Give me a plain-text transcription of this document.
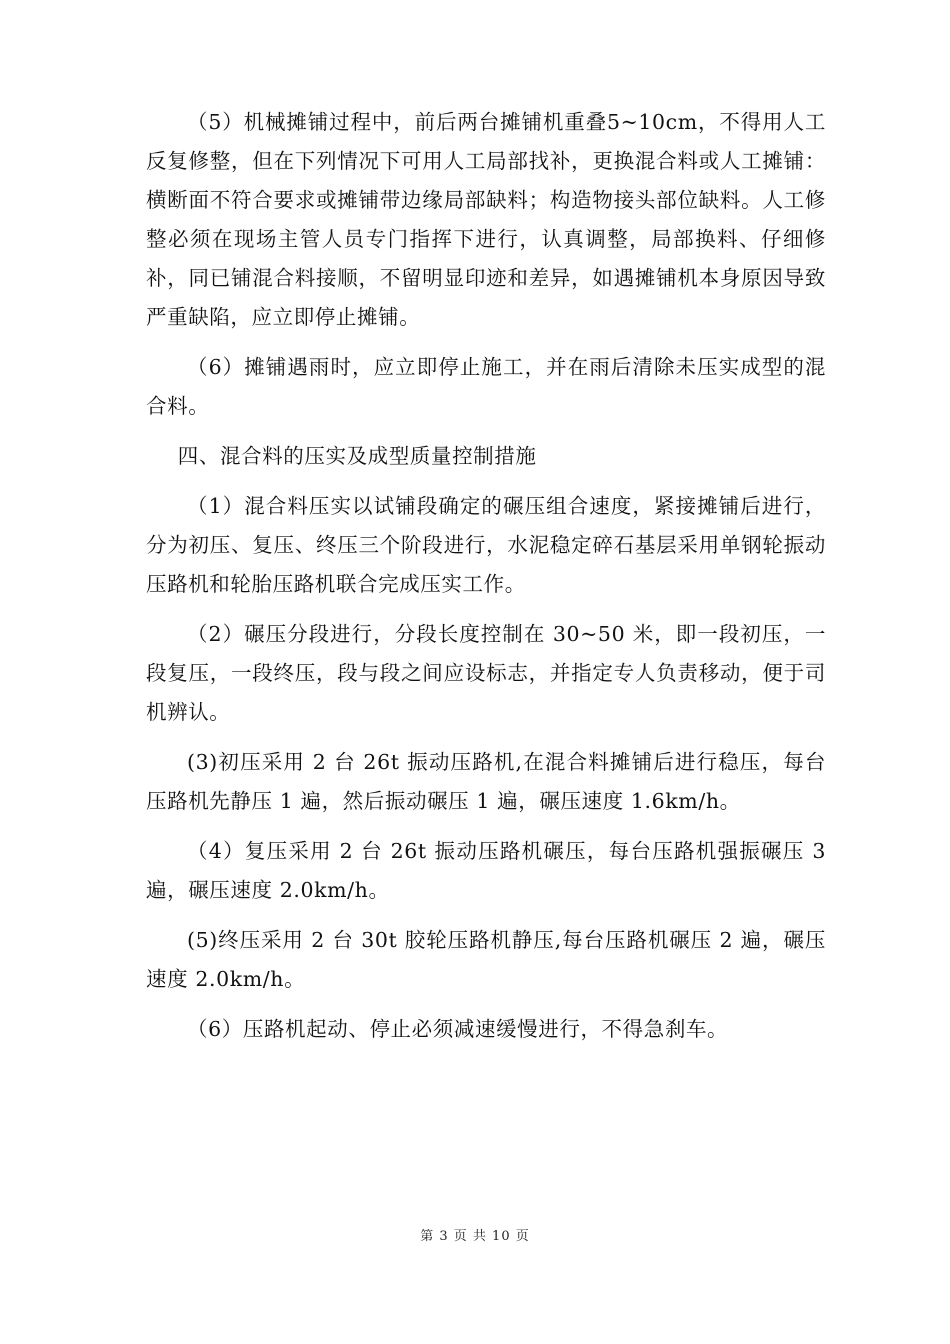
（5）机械摊铺过程中，前后两台摊铺机重叠5~10cm，不得用人工反复修整，但在下列情况下可用人工局部找补，更换混合料或人工摊铺：横断面不符合要求或摊铺带边缘局部缺料；构造物接头部位缺料。人工修整必须在现场主管人员专门指挥下进行，认真调整，局部换料、仔细修补，同已铺混合料接顺，不留明显印迹和差异，如遇摊铺机本身原因导致严重缺陷，应立即停止摊铺。

（6）摊铺遇雨时，应立即停止施工，并在雨后清除未压实成型的混合料。

四、混合料的压实及成型质量控制措施

（1）混合料压实以试铺段确定的碾压组合速度，紧接摊铺后进行，分为初压、复压、终压三个阶段进行，水泥稳定碎石基层采用单钢轮振动压路机和轮胎压路机联合完成压实工作。

（2）碾压分段进行，分段长度控制在 30~50 米，即一段初压，一段复压，一段终压，段与段之间应设标志，并指定专人负责移动，便于司机辨认。

(3)初压采用 2 台 26t 振动压路机,在混合料摊铺后进行稳压，每台压路机先静压 1 遍，然后振动碾压 1 遍，碾压速度 1.6km/h。

（4）复压采用 2 台 26t 振动压路机碾压，每台压路机强振碾压 3 遍，碾压速度 2.0km/h。

(5)终压采用 2 台 30t 胶轮压路机静压,每台压路机碾压 2 遍，碾压速度 2.0km/h。

（6）压路机起动、停止必须减速缓慢进行，不得急刹车。

第 3 页 共 10 页
